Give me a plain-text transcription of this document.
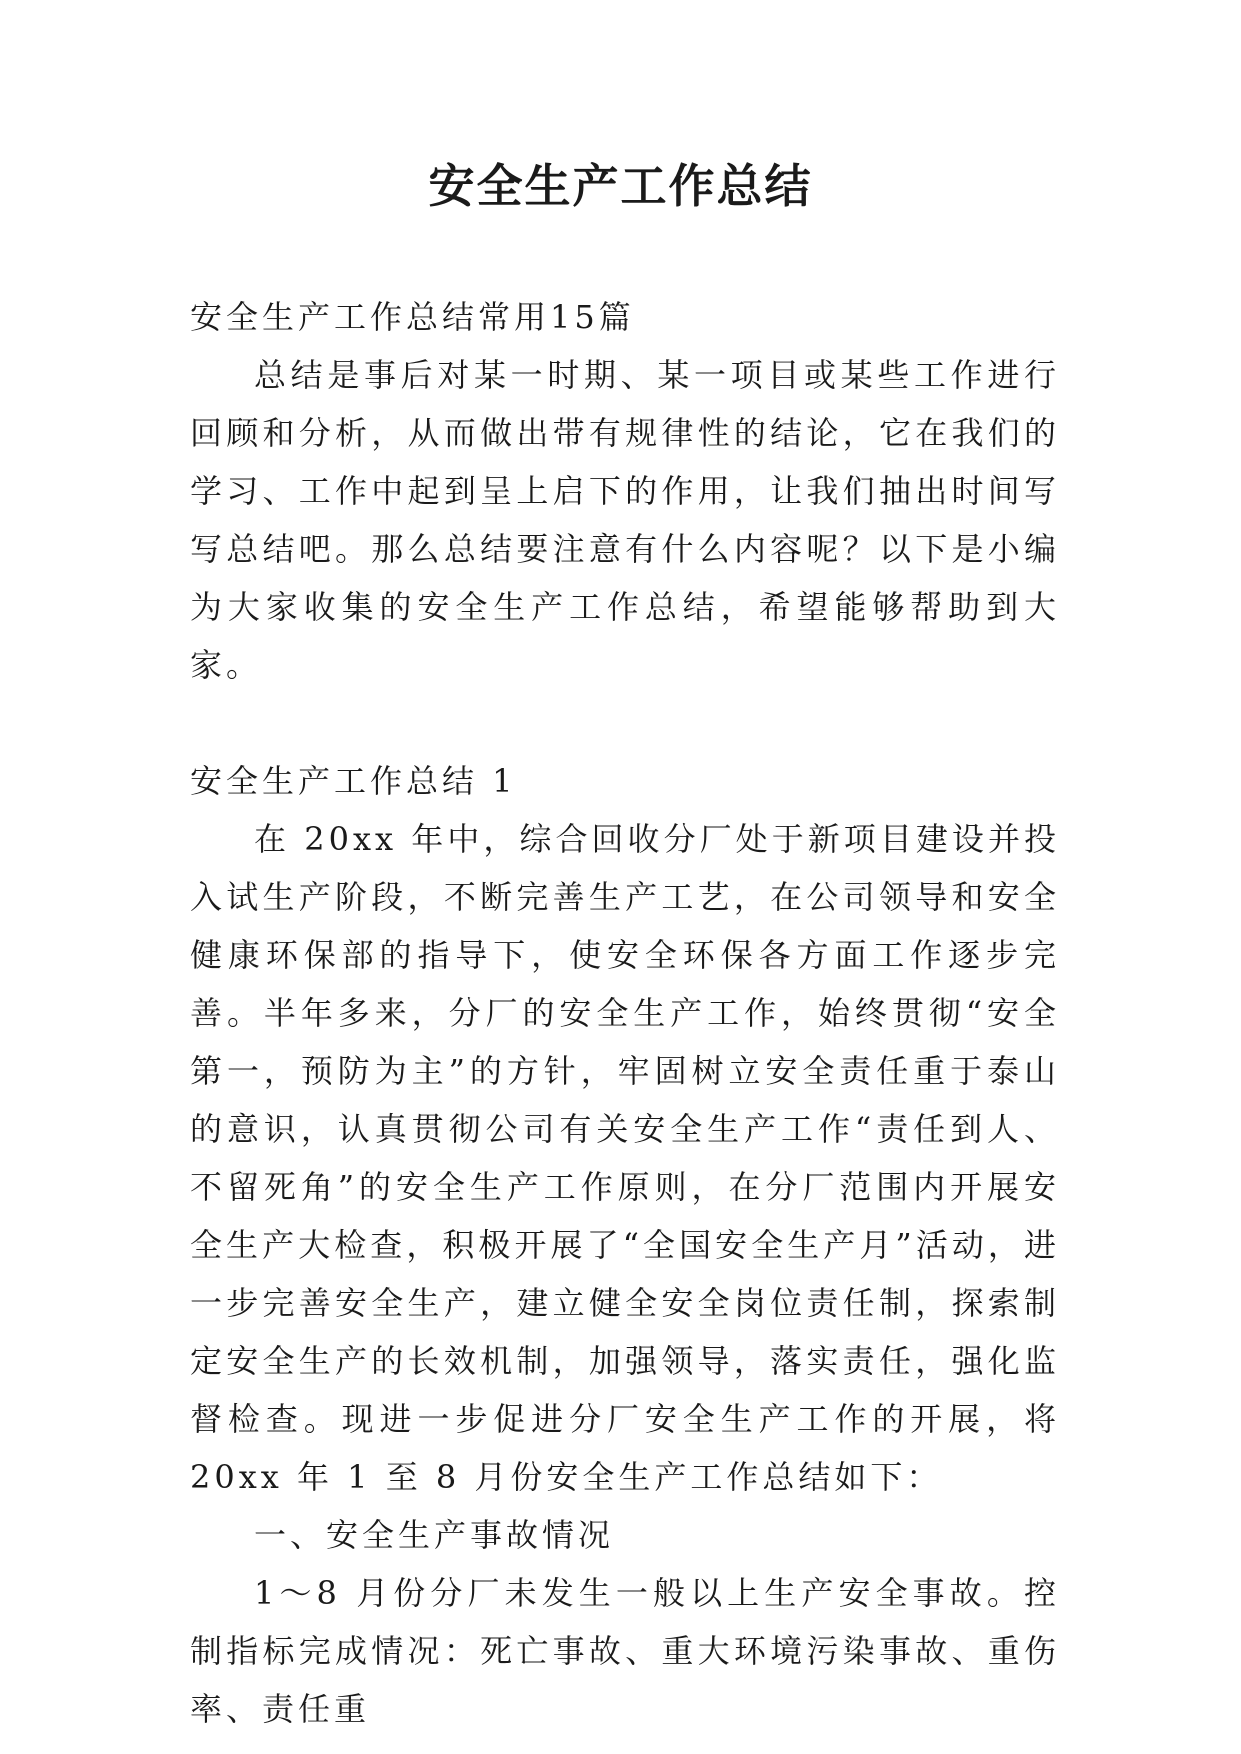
安全生产工作总结

安全生产工作总结常用15篇

总结是事后对某一时期、某一项目或某些工作进行回顾和分析，从而做出带有规律性的结论，它在我们的学习、工作中起到呈上启下的作用，让我们抽出时间写写总结吧。那么总结要注意有什么内容呢？以下是小编为大家收集的安全生产工作总结，希望能够帮助到大家。

安全生产工作总结 1

在 20xx 年中，综合回收分厂处于新项目建设并投入试生产阶段，不断完善生产工艺，在公司领导和安全健康环保部的指导下，使安全环保各方面工作逐步完善。半年多来，分厂的安全生产工作，始终贯彻“安全第一，预防为主”的方针，牢固树立安全责任重于泰山的意识，认真贯彻公司有关安全生产工作“责任到人、不留死角”的安全生产工作原则，在分厂范围内开展安全生产大检查，积极开展了“全国安全生产月”活动，进一步完善安全生产，建立健全安全岗位责任制，探索制定安全生产的长效机制，加强领导，落实责任，强化监督检查。现进一步促进分厂安全生产工作的开展，将 20xx 年 1 至 8 月份安全生产工作总结如下：

一、安全生产事故情况

1～8 月份分厂未发生一般以上生产安全事故。控制指标完成情况：死亡事故、重大环境污染事故、重伤率、责任重
